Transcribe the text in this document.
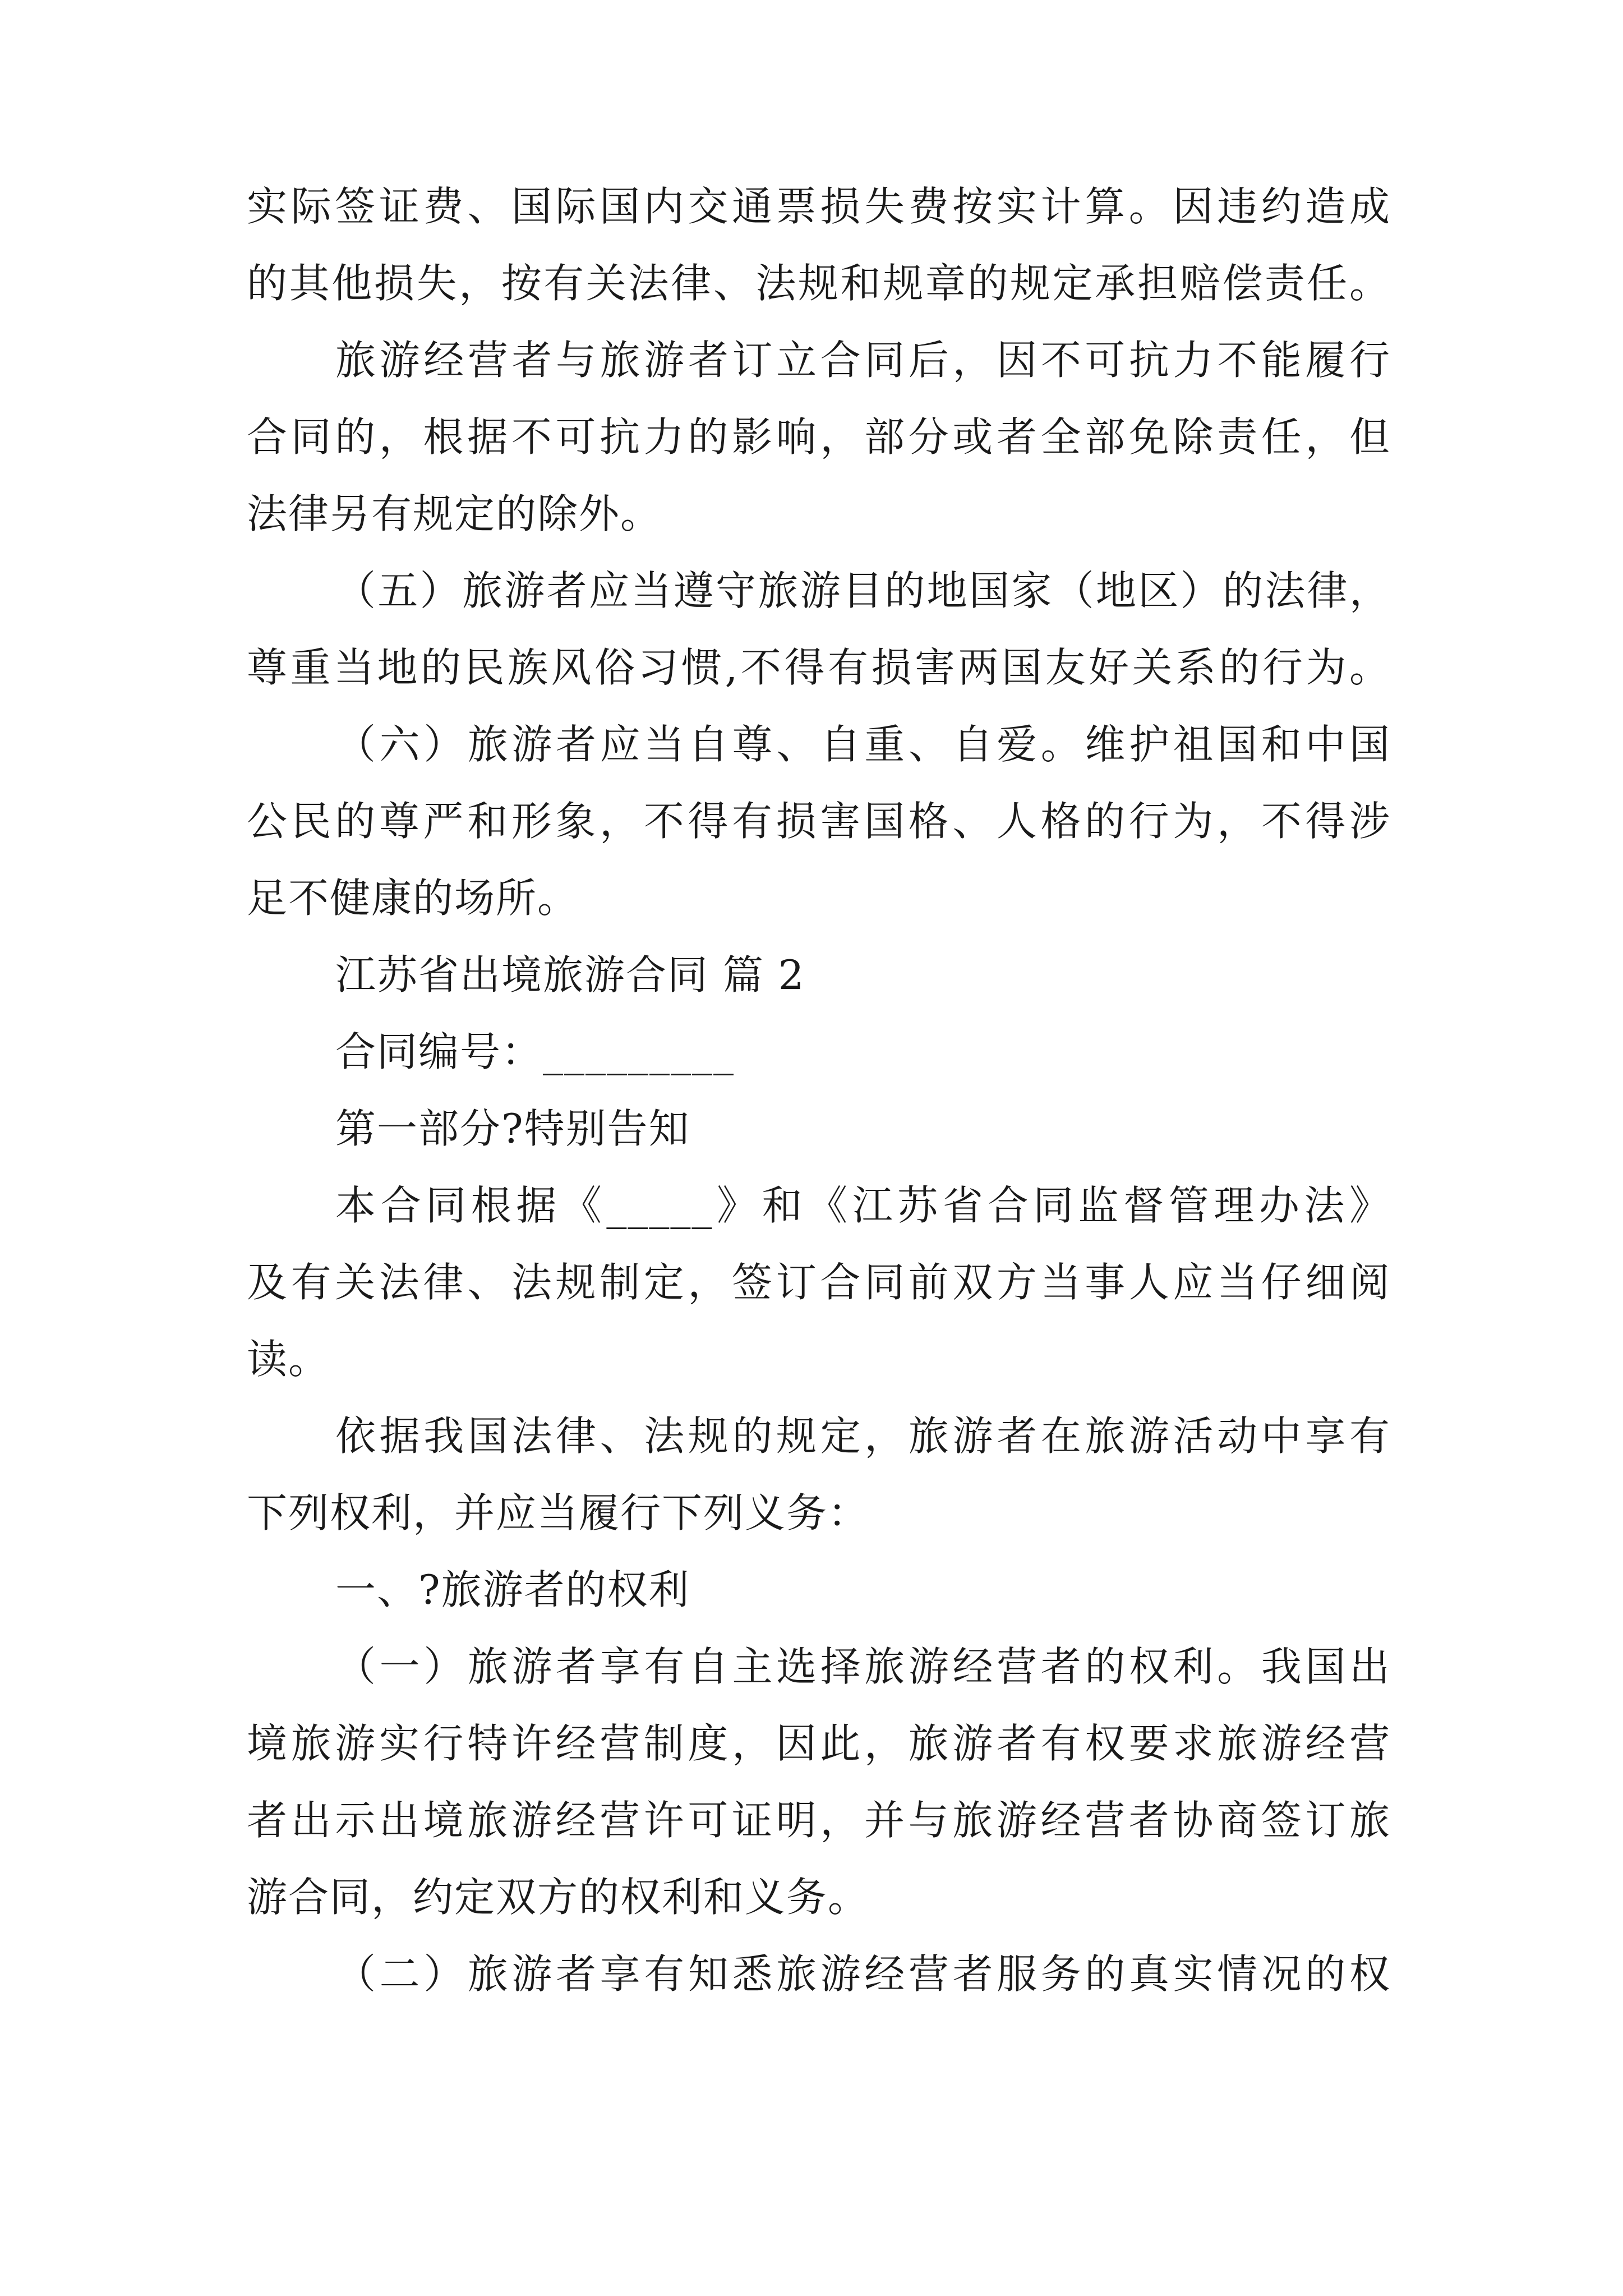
实际签证费、国际国内交通票损失费按实计算。因违约造成
的其他损失，按有关法律、法规和规章的规定承担赔偿责任。
旅游经营者与旅游者订立合同后，因不可抗力不能履行
合同的，根据不可抗力的影响，部分或者全部免除责任，但
法律另有规定的除外。
（五）旅游者应当遵守旅游目的地国家（地区）的法律，
尊重当地的民族风俗习惯,不得有损害两国友好关系的行为。
（六）旅游者应当自尊、自重、自爱。维护祖国和中国
公民的尊严和形象，不得有损害国格、人格的行为，不得涉
足不健康的场所。
江苏省出境旅游合同 篇 2
合同编号：_________
第一部分?特别告知
本合同根据《_____》和《江苏省合同监督管理办法》
及有关法律、法规制定，签订合同前双方当事人应当仔细阅
读。
依据我国法律、法规的规定，旅游者在旅游活动中享有
下列权利，并应当履行下列义务：
一、?旅游者的权利
（一）旅游者享有自主选择旅游经营者的权利。我国出
境旅游实行特许经营制度，因此，旅游者有权要求旅游经营
者出示出境旅游经营许可证明，并与旅游经营者协商签订旅
游合同，约定双方的权利和义务。
（二）旅游者享有知悉旅游经营者服务的真实情况的权
